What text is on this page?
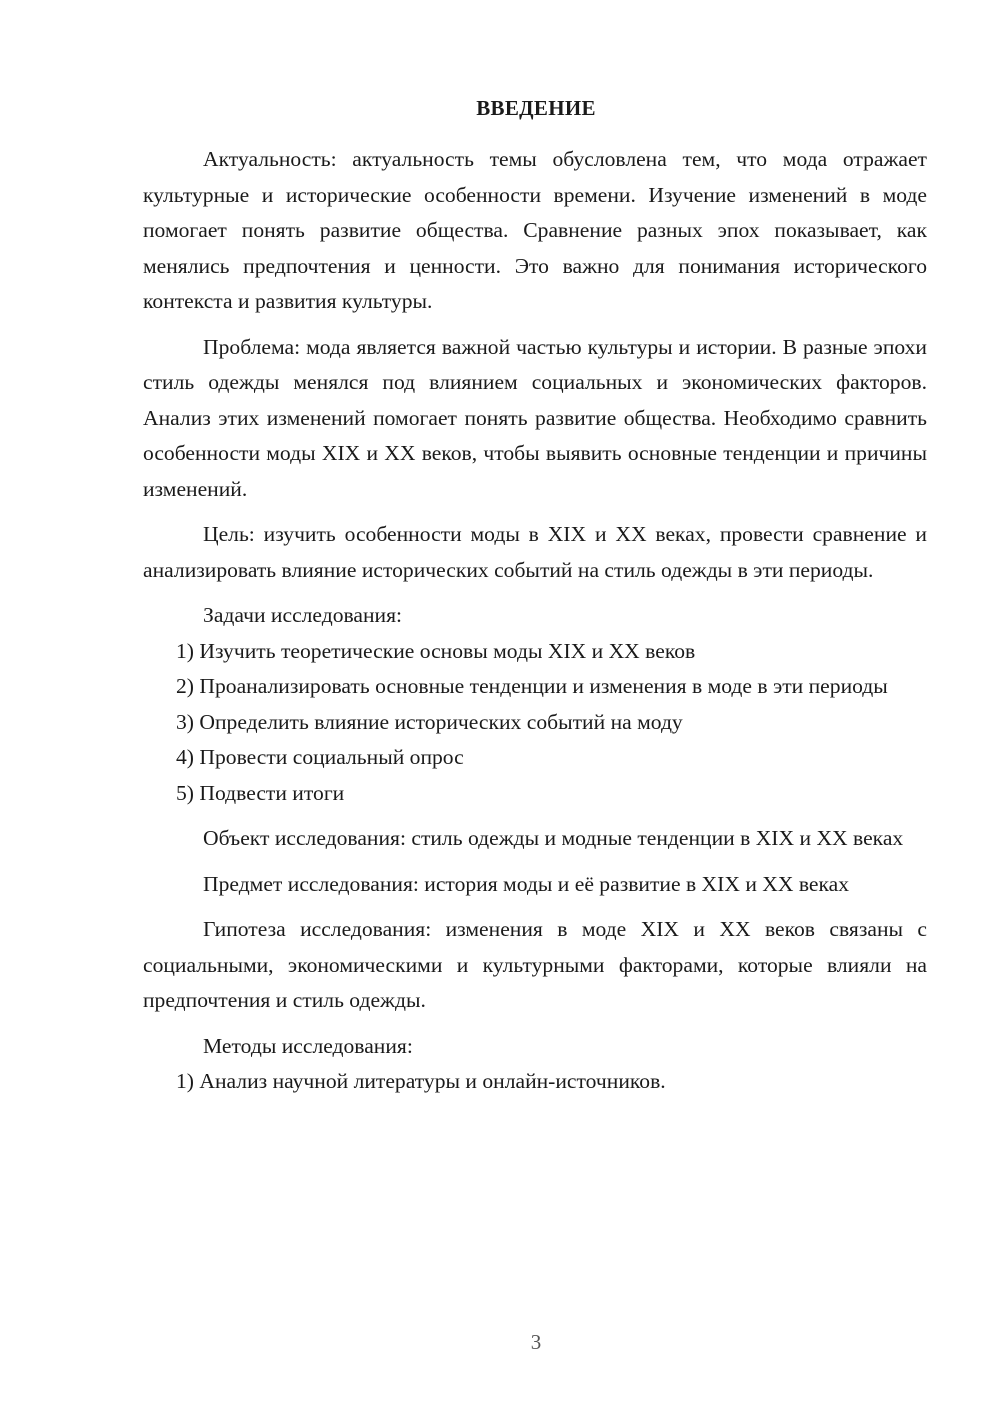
ВВЕДЕНИЕ

Актуальность: актуальность темы обусловлена тем, что мода отражает культурные и исторические особенности времени. Изучение изменений в моде помогает понять развитие общества. Сравнение разных эпох показывает, как менялись предпочтения и ценности. Это важно для понимания исторического контекста и развития культуры.

Проблема: мода является важной частью культуры и истории. В разные эпохи стиль одежды менялся под влиянием социальных и экономических факторов. Анализ этих изменений помогает понять развитие общества. Необходимо сравнить особенности моды XIX и XX веков, чтобы выявить основные тенденции и причины изменений.

Цель: изучить особенности моды в XIX и XX веках, провести сравнение и анализировать влияние исторических событий на стиль одежды в эти периоды.

Задачи исследования:

1) Изучить теоретические основы моды XIX и XX веков

2) Проанализировать основные тенденции и изменения в моде в эти периоды

3) Определить влияние исторических событий на моду

4) Провести социальный опрос

5) Подвести итоги

Объект исследования: стиль одежды и модные тенденции в XIX и XX веках

Предмет исследования: история моды и её развитие в XIX и XX веках

Гипотеза исследования: изменения в моде XIX и XX веков связаны с социальными, экономическими и культурными факторами, которые влияли на предпочтения и стиль одежды.

Методы исследования:

1) Анализ научной литературы и онлайн-источников.

3
